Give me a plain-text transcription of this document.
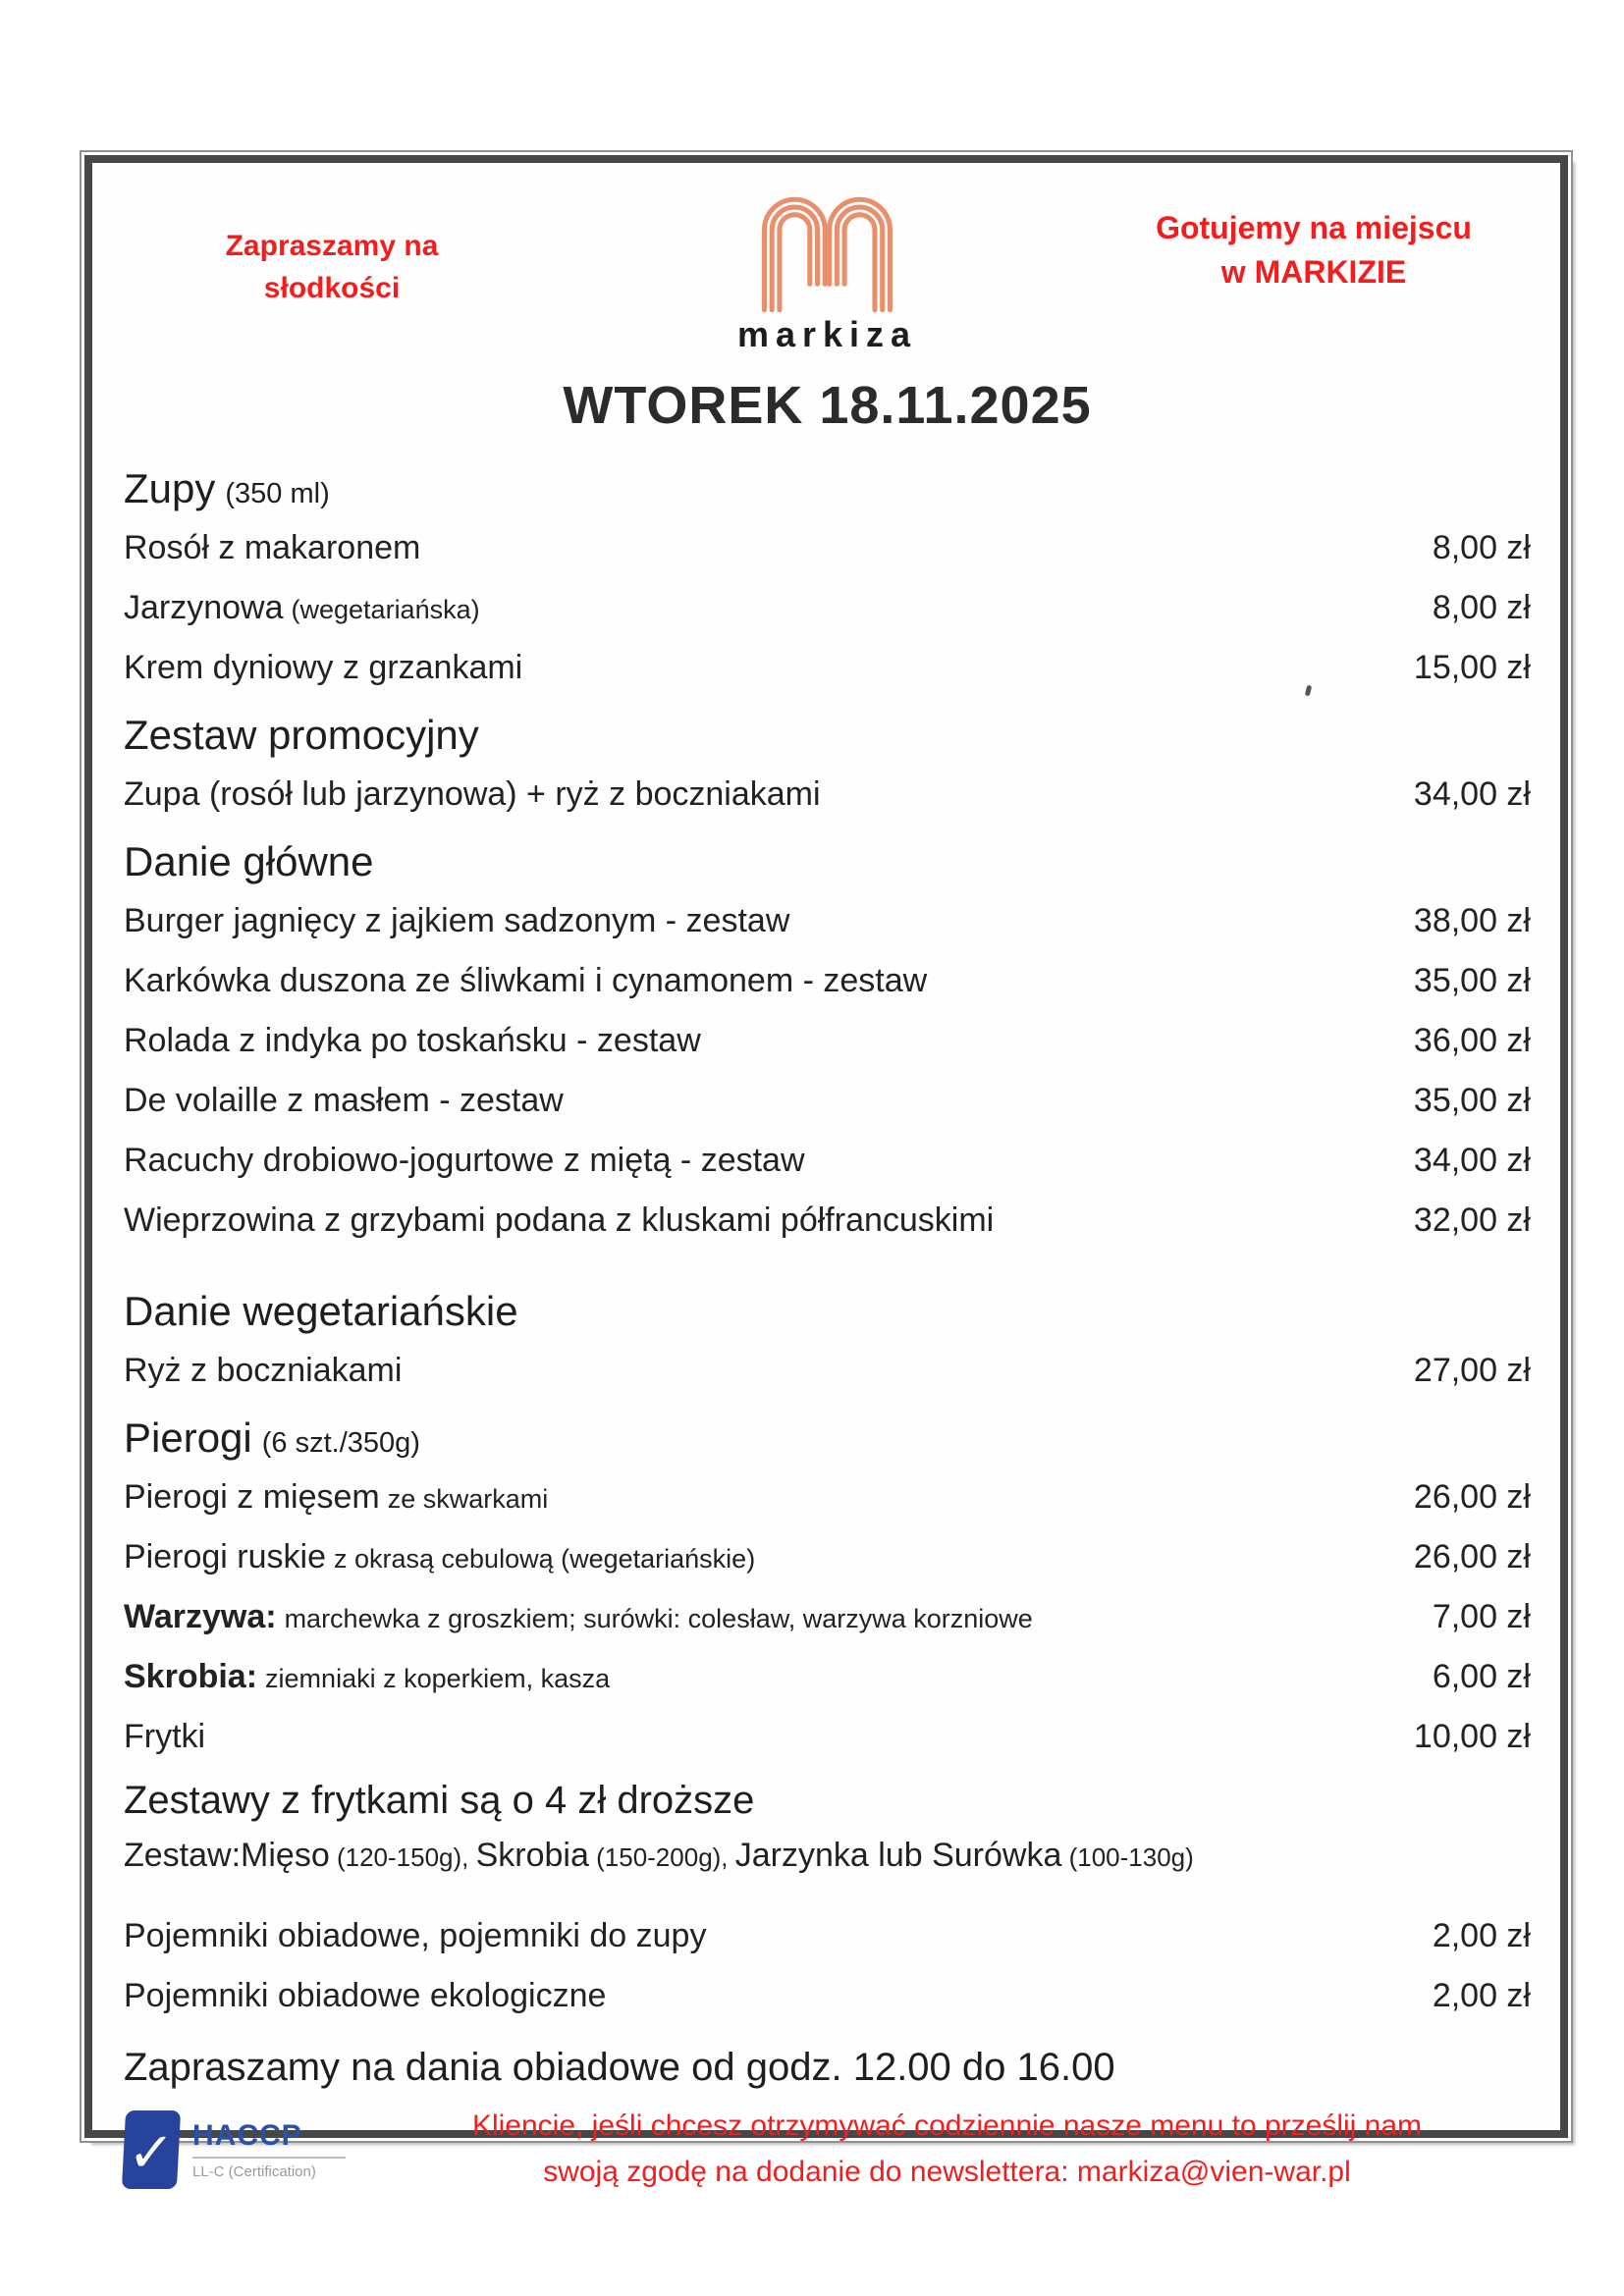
Zapraszamy na
słodkości
markiza
Gotujemy na miejscu
w MARKIZIE
WTOREK 18.11.2025
Zupy (350 ml)
Rosół z makaronem	8,00 zł
Jarzynowa (wegetariańska)	8,00 zł
Krem dyniowy z grzankami	15,00 zł
Zestaw promocyjny
Zupa (rosół lub jarzynowa) + ryż z boczniakami	34,00 zł
Danie główne
Burger jagnięcy z jajkiem sadzonym - zestaw	38,00 zł
Karkówka duszona ze śliwkami i cynamonem - zestaw	35,00 zł
Rolada z indyka po toskańsku - zestaw	36,00 zł
De volaille z masłem - zestaw	35,00 zł
Racuchy drobiowo-jogurtowe z miętą - zestaw	34,00 zł
Wieprzowina z grzybami podana z kluskami półfrancuskimi	32,00 zł
Danie wegetariańskie
Ryż z boczniakami	27,00 zł
Pierogi (6 szt./350g)
Pierogi z mięsem ze skwarkami	26,00 zł
Pierogi ruskie z okrasą cebulową (wegetariańskie)	26,00 zł
Warzywa: marchewka z groszkiem; surówki: colesław, warzywa korzniowe	7,00 zł
Skrobia: ziemniaki z koperkiem, kasza	6,00 zł
Frytki	10,00 zł
Zestawy z frytkami są o 4 zł droższe
Zestaw:Mięso (120-150g), Skrobia (150-200g), Jarzynka lub Surówka (100-130g)
Pojemniki obiadowe, pojemniki do zupy	2,00 zł
Pojemniki obiadowe ekologiczne	2,00 zł
Zapraszamy na dania obiadowe od godz. 12.00 do 16.00
✓ HACCP
LL-C (Certification)
Kliencie, jeśli chcesz otrzymywać codziennie nasze menu to prześlij nam
swoją zgodę na dodanie do newslettera: markiza@vien-war.pl
